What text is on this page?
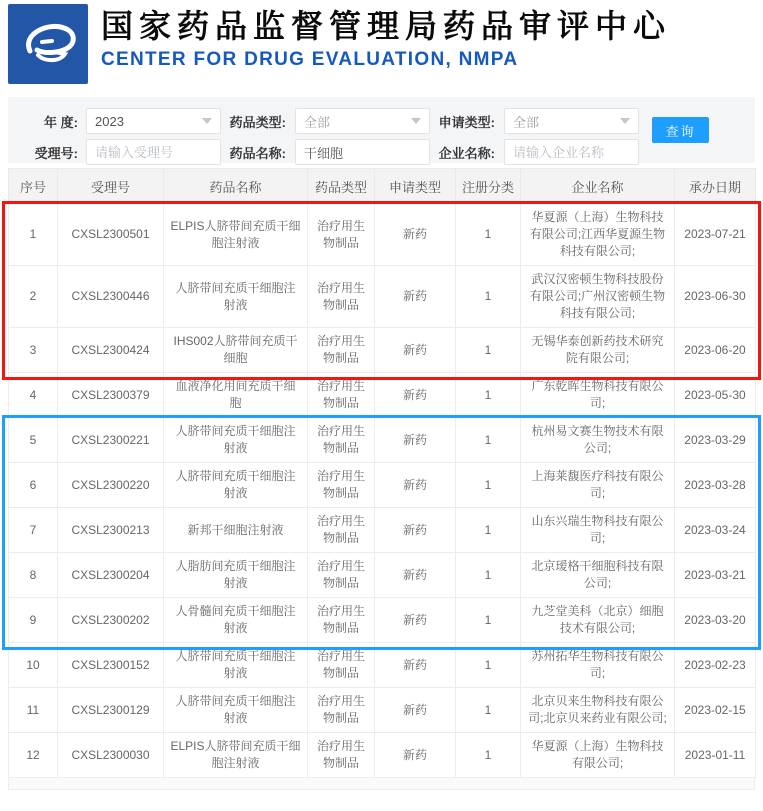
国家药品监督管理局药品审评中心
CENTER FOR DRUG EVALUATION, NMPA
年 度: 2023	药品类型: 全部	申请类型: 全部
受理号:
请输入受理号	药品名称:
干细胞	企业名称:
请输入企业名称
查询
序号	受理号	药品名称	药品类型	申请类型	注册分类	企业名称	承办日期
1	CXSL2300501	ELPIS人脐带间充质干细胞注射液	治疗用生物制品	新药	1	华夏源（上海）生物科技有限公司;江西华夏源生物科技有限公司;	2023-07-21
2	CXSL2300446	人脐带间充质干细胞注射液	治疗用生物制品	新药	1	武汉汉密顿生物科技股份有限公司;广州汉密顿生物科技有限公司;	2023-06-30
3	CXSL2300424	IHS002人脐带间充质干细胞	治疗用生物制品	新药	1	无锡华泰创新药技术研究院有限公司;	2023-06-20
4	CXSL2300379	血液净化用间充质干细胞	治疗用生物制品	新药	1	广东乾晖生物科技有限公司;	2023-05-30
5	CXSL2300221	人脐带间充质干细胞注射液	治疗用生物制品	新药	1	杭州易文赛生物技术有限公司;	2023-03-29
6	CXSL2300220	人脐带间充质干细胞注射液	治疗用生物制品	新药	1	上海莱馥医疗科技有限公司;	2023-03-28
7	CXSL2300213	新邦干细胞注射液	治疗用生物制品	新药	1	山东兴瑞生物科技有限公司;	2023-03-24
8	CXSL2300204	人脂肪间充质干细胞注射液	治疗用生物制品	新药	1	北京瑷格干细胞科技有限公司;	2023-03-21
9	CXSL2300202	人骨髓间充质干细胞注射液	治疗用生物制品	新药	1	九芝堂美科（北京）细胞技术有限公司;	2023-03-20
10	CXSL2300152	人脐带间充质干细胞注射液	治疗用生物制品	新药	1	苏州拓华生物科技有限公司;	2023-02-23
11	CXSL2300129	人脐带间充质干细胞注射液	治疗用生物制品	新药	1	北京贝来生物科技有限公司;北京贝来药业有限公司;	2023-02-15
12	CXSL2300030	ELPIS人脐带间充质干细胞注射液	治疗用生物制品	新药	1	华夏源（上海）生物科技有限公司;	2023-01-11
